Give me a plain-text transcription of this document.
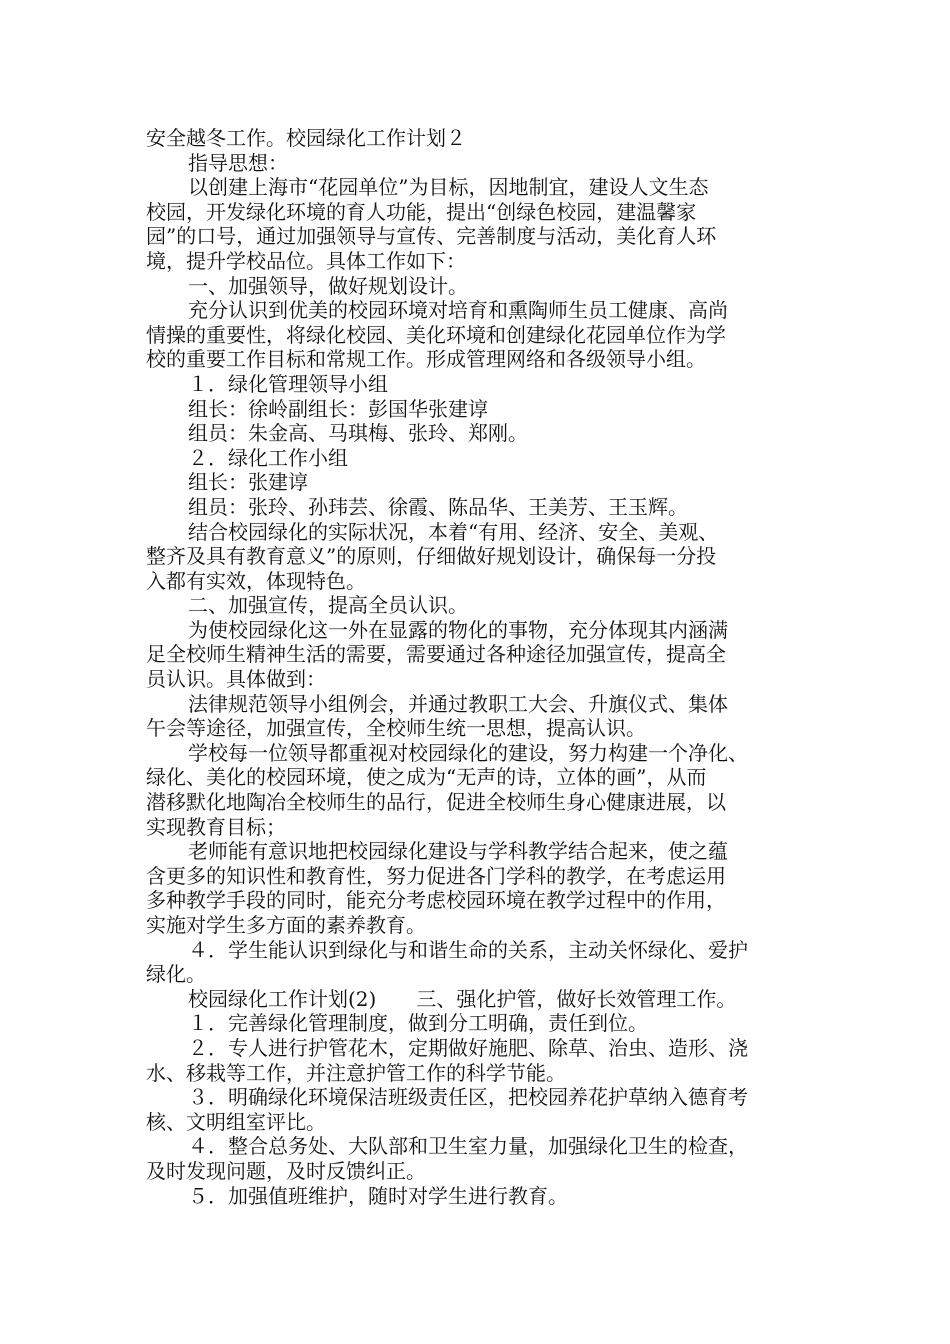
安全越冬工作。校园绿化工作计划２
指导思想：
以创建上海市“花园单位”为目标，因地制宜，建设人文生态
校园，开发绿化环境的育人功能，提出“创绿色校园，建温馨家
园”的口号，通过加强领导与宣传、完善制度与活动，美化育人环
境，提升学校品位。具体工作如下：
一、加强领导，做好规划设计。
充分认识到优美的校园环境对培育和熏陶师生员工健康、高尚
情操的重要性，将绿化校园、美化环境和创建绿化花园单位作为学
校的重要工作目标和常规工作。形成管理网络和各级领导小组。
１．绿化管理领导小组
组长：徐岭副组长：彭国华张建谆
组员：朱金高、马琪梅、张玲、郑刚。
２．绿化工作小组
组长：张建谆
组员：张玲、孙玮芸、徐霞、陈品华、王美芳、王玉辉。
结合校园绿化的实际状况，本着“有用、经济、安全、美观、
整齐及具有教育意义”的原则，仔细做好规划设计，确保每一分投
入都有实效，体现特色。
二、加强宣传，提高全员认识。
为使校园绿化这一外在显露的物化的事物，充分体现其内涵满
足全校师生精神生活的需要，需要通过各种途径加强宣传，提高全
员认识。具体做到：
法律规范领导小组例会，并通过教职工大会、升旗仪式、集体
午会等途径，加强宣传，全校师生统一思想，提高认识。
学校每一位领导都重视对校园绿化的建设，努力构建一个净化、
绿化、美化的校园环境，使之成为“无声的诗，立体的画”，从而
潜移默化地陶冶全校师生的品行，促进全校师生身心健康进展，以
实现教育目标；
老师能有意识地把校园绿化建设与学科教学结合起来，使之蕴
含更多的知识性和教育性，努力促进各门学科的教学，在考虑运用
多种教学手段的同时，能充分考虑校园环境在教学过程中的作用，
实施对学生多方面的素养教育。
４．学生能认识到绿化与和谐生命的关系，主动关怀绿化、爱护
绿化。
校园绿化工作计划(2)　　三、强化护管，做好长效管理工作。
１．完善绿化管理制度，做到分工明确，责任到位。
２．专人进行护管花木，定期做好施肥、除草、治虫、造形、浇
水、移栽等工作，并注意护管工作的科学节能。
３．明确绿化环境保洁班级责任区，把校园养花护草纳入德育考
核、文明组室评比。
４．整合总务处、大队部和卫生室力量，加强绿化卫生的检查，
及时发现问题，及时反馈纠正。
５．加强值班维护，随时对学生进行教育。
